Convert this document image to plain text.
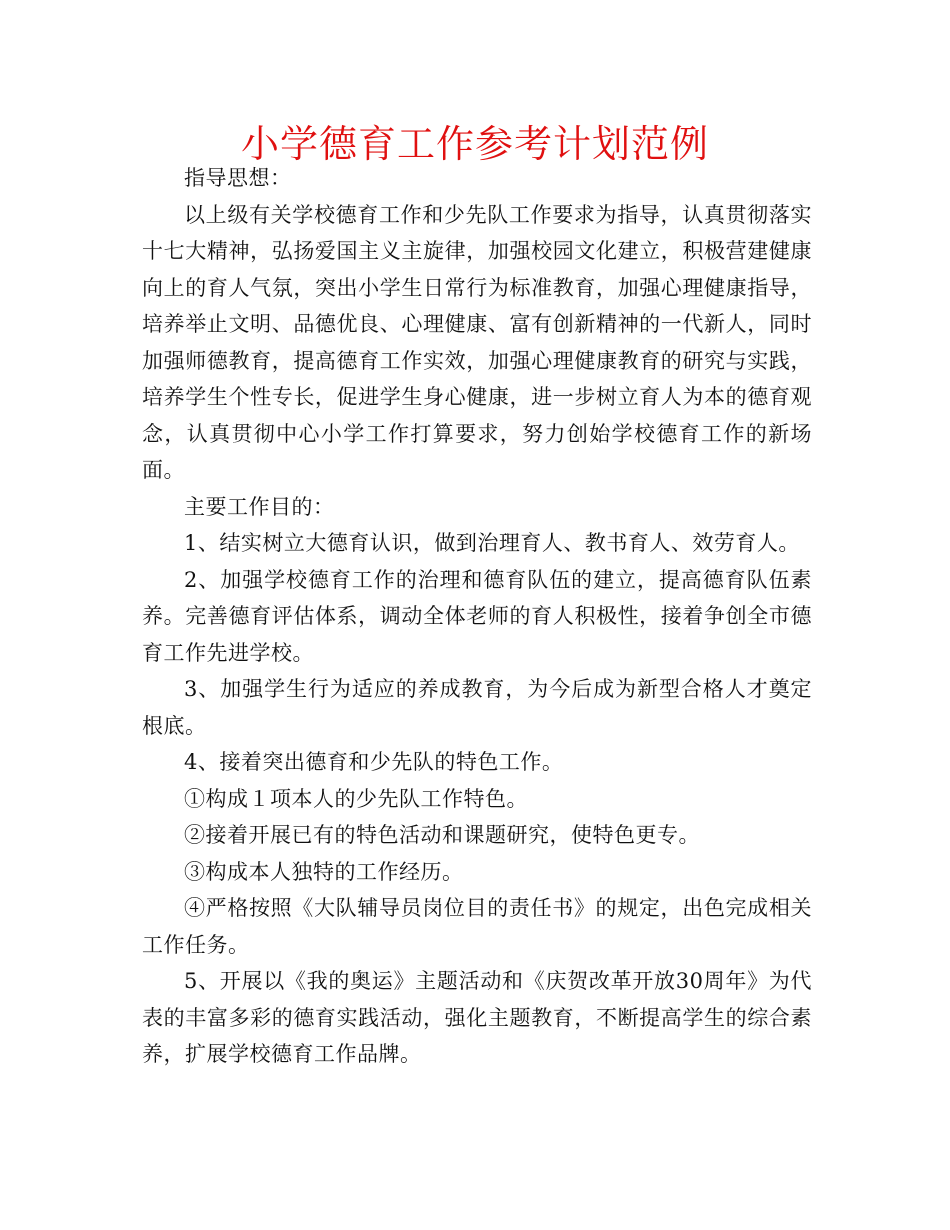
小学德育工作参考计划范例

指导思想：

以上级有关学校德育工作和少先队工作要求为指导，认真贯彻落实十七大精神，弘扬爱国主义主旋律，加强校园文化建立，积极营建健康向上的育人气氛，突出小学生日常行为标准教育，加强心理健康指导，培养举止文明、品德优良、心理健康、富有创新精神的一代新人，同时加强师德教育，提高德育工作实效，加强心理健康教育的研究与实践，培养学生个性专长，促进学生身心健康，进一步树立育人为本的德育观念，认真贯彻中心小学工作打算要求，努力创始学校德育工作的新场面。

主要工作目的：

1、结实树立大德育认识，做到治理育人、教书育人、效劳育人。

2、加强学校德育工作的治理和德育队伍的建立，提高德育队伍素养。完善德育评估体系，调动全体老师的育人积极性，接着争创全市德育工作先进学校。

3、加强学生行为适应的养成教育，为今后成为新型合格人才奠定根底。

4、接着突出德育和少先队的特色工作。

①构成１项本人的少先队工作特色。

②接着开展已有的特色活动和课题研究，使特色更专。

③构成本人独特的工作经历。

④严格按照《大队辅导员岗位目的责任书》的规定，出色完成相关工作任务。

5、开展以《我的奥运》主题活动和《庆贺改革开放30周年》为代表的丰富多彩的德育实践活动，强化主题教育，不断提高学生的综合素养，扩展学校德育工作品牌。
